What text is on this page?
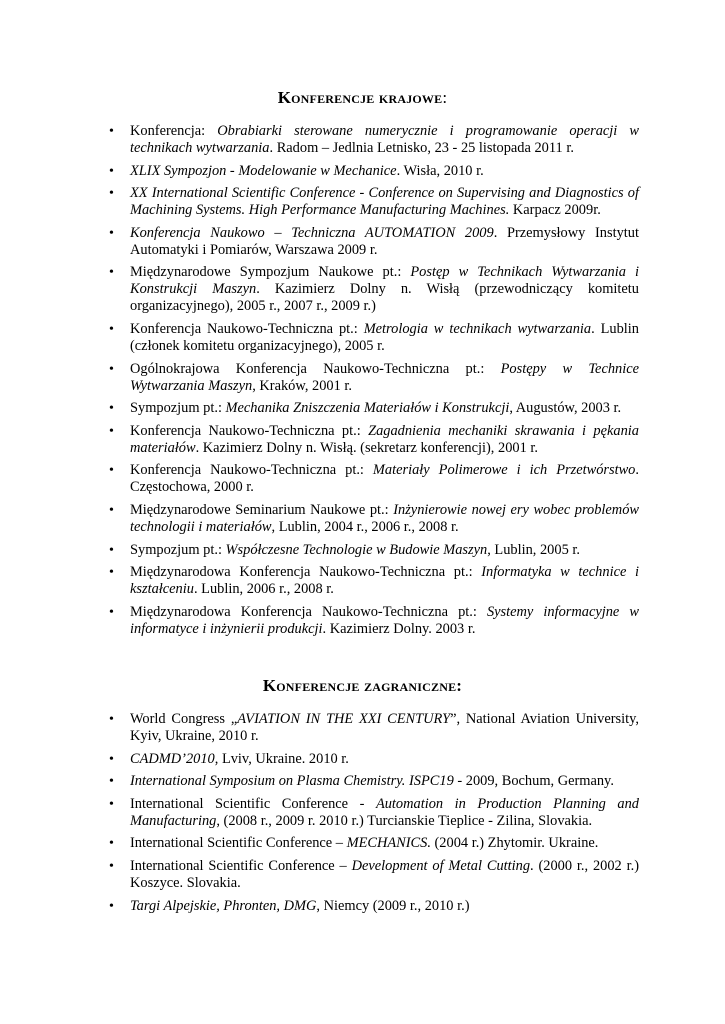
Konferencje krajowe:
• Konferencja: Obrabiarki sterowane numerycznie i programowanie operacji w technikach wytwarzania. Radom – Jedlnia Letnisko, 23 - 25 listopada 2011 r.
• XLIX Sympozjon - Modelowanie w Mechanice. Wisła, 2010 r.
• XX International Scientific Conference - Conference on Supervising and Diagnostics of Machining Systems. High Performance Manufacturing Machines. Karpacz 2009r.
• Konferencja Naukowo – Techniczna AUTOMATION 2009. Przemysłowy Instytut Automatyki i Pomiarów, Warszawa 2009 r.
• Międzynarodowe Sympozjum Naukowe pt.: Postęp w Technikach Wytwarzania i Konstrukcji Maszyn. Kazimierz Dolny n. Wisłą (przewodniczący komitetu organizacyjnego), 2005 r., 2007 r., 2009 r.)
• Konferencja Naukowo-Techniczna pt.: Metrologia w technikach wytwarzania. Lublin (członek komitetu organizacyjnego), 2005 r.
• Ogólnokrajowa Konferencja Naukowo-Techniczna pt.: Postępy w Technice Wytwarzania Maszyn, Kraków, 2001 r.
• Sympozjum pt.: Mechanika Zniszczenia Materiałów i Konstrukcji, Augustów, 2003 r.
• Konferencja Naukowo-Techniczna pt.: Zagadnienia mechaniki skrawania i pękania materiałów. Kazimierz Dolny n. Wisłą. (sekretarz konferencji), 2001 r.
• Konferencja Naukowo-Techniczna pt.: Materiały Polimerowe i ich Przetwórstwo. Częstochowa, 2000 r.
• Międzynarodowe Seminarium Naukowe pt.: Inżynierowie nowej ery wobec problemów technologii i materiałów, Lublin, 2004 r., 2006 r., 2008 r.
• Sympozjum pt.: Współczesne Technologie w Budowie Maszyn, Lublin, 2005 r.
• Międzynarodowa Konferencja Naukowo-Techniczna pt.: Informatyka w technice i kształceniu. Lublin, 2006 r., 2008 r.
• Międzynarodowa Konferencja Naukowo-Techniczna pt.: Systemy informacyjne w informatyce i inżynierii produkcji. Kazimierz Dolny. 2003 r.
Konferencje zagraniczne:
• World Congress „AVIATION IN THE XXI CENTURY”, National Aviation University, Kyiv, Ukraine, 2010 r.
• CADMD’2010, Lviv, Ukraine. 2010 r.
• International Symposium on Plasma Chemistry. ISPC19 - 2009, Bochum, Germany.
• International Scientific Conference - Automation in Production Planning and Manufacturing, (2008 r., 2009 r. 2010 r.) Turcianskie Tieplice - Zilina, Slovakia.
• International Scientific Conference – MECHANICS. (2004 r.) Zhytomir. Ukraine.
• International Scientific Conference – Development of Metal Cutting. (2000 r., 2002 r.) Koszyce. Slovakia.
• Targi Alpejskie, Phronten, DMG, Niemcy (2009 r., 2010 r.)
